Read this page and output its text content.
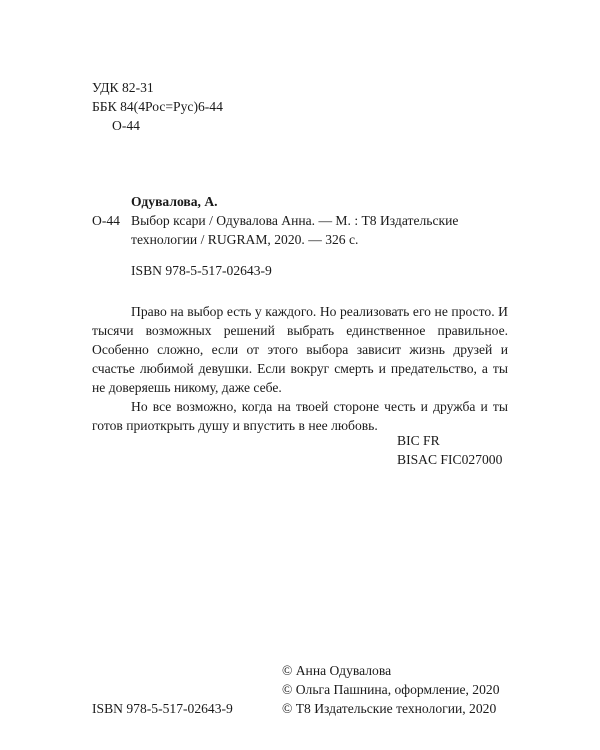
УДК 82-31
ББК 84(4Рос=Рус)6-44
О-44
Одувалова, А.
О-44 Выбор ксари / Одувалова Анна. — М. : Т8 Издательские
технологии / RUGRAM, 2020. — 326 с.
ISBN 978-5-517-02643-9

Право на выбор есть у каждого. Но реализовать его не просто. И тысячи возможных решений выбрать единственное правильное. Особенно сложно, если от этого выбора зависит жизнь друзей и счастье любимой девушки. Если вокруг смерть и предательство, а ты не доверяешь никому, даже себе.

Но все возможно, когда на твоей стороне честь и дружба и ты готов приоткрыть душу и впустить в нее любовь.

BIC FR
BISAC FIC027000
© Анна Одувалова
© Ольга Пашнина, оформление, 2020
© Т8 Издательские технологии, 2020
ISBN 978-5-517-02643-9
